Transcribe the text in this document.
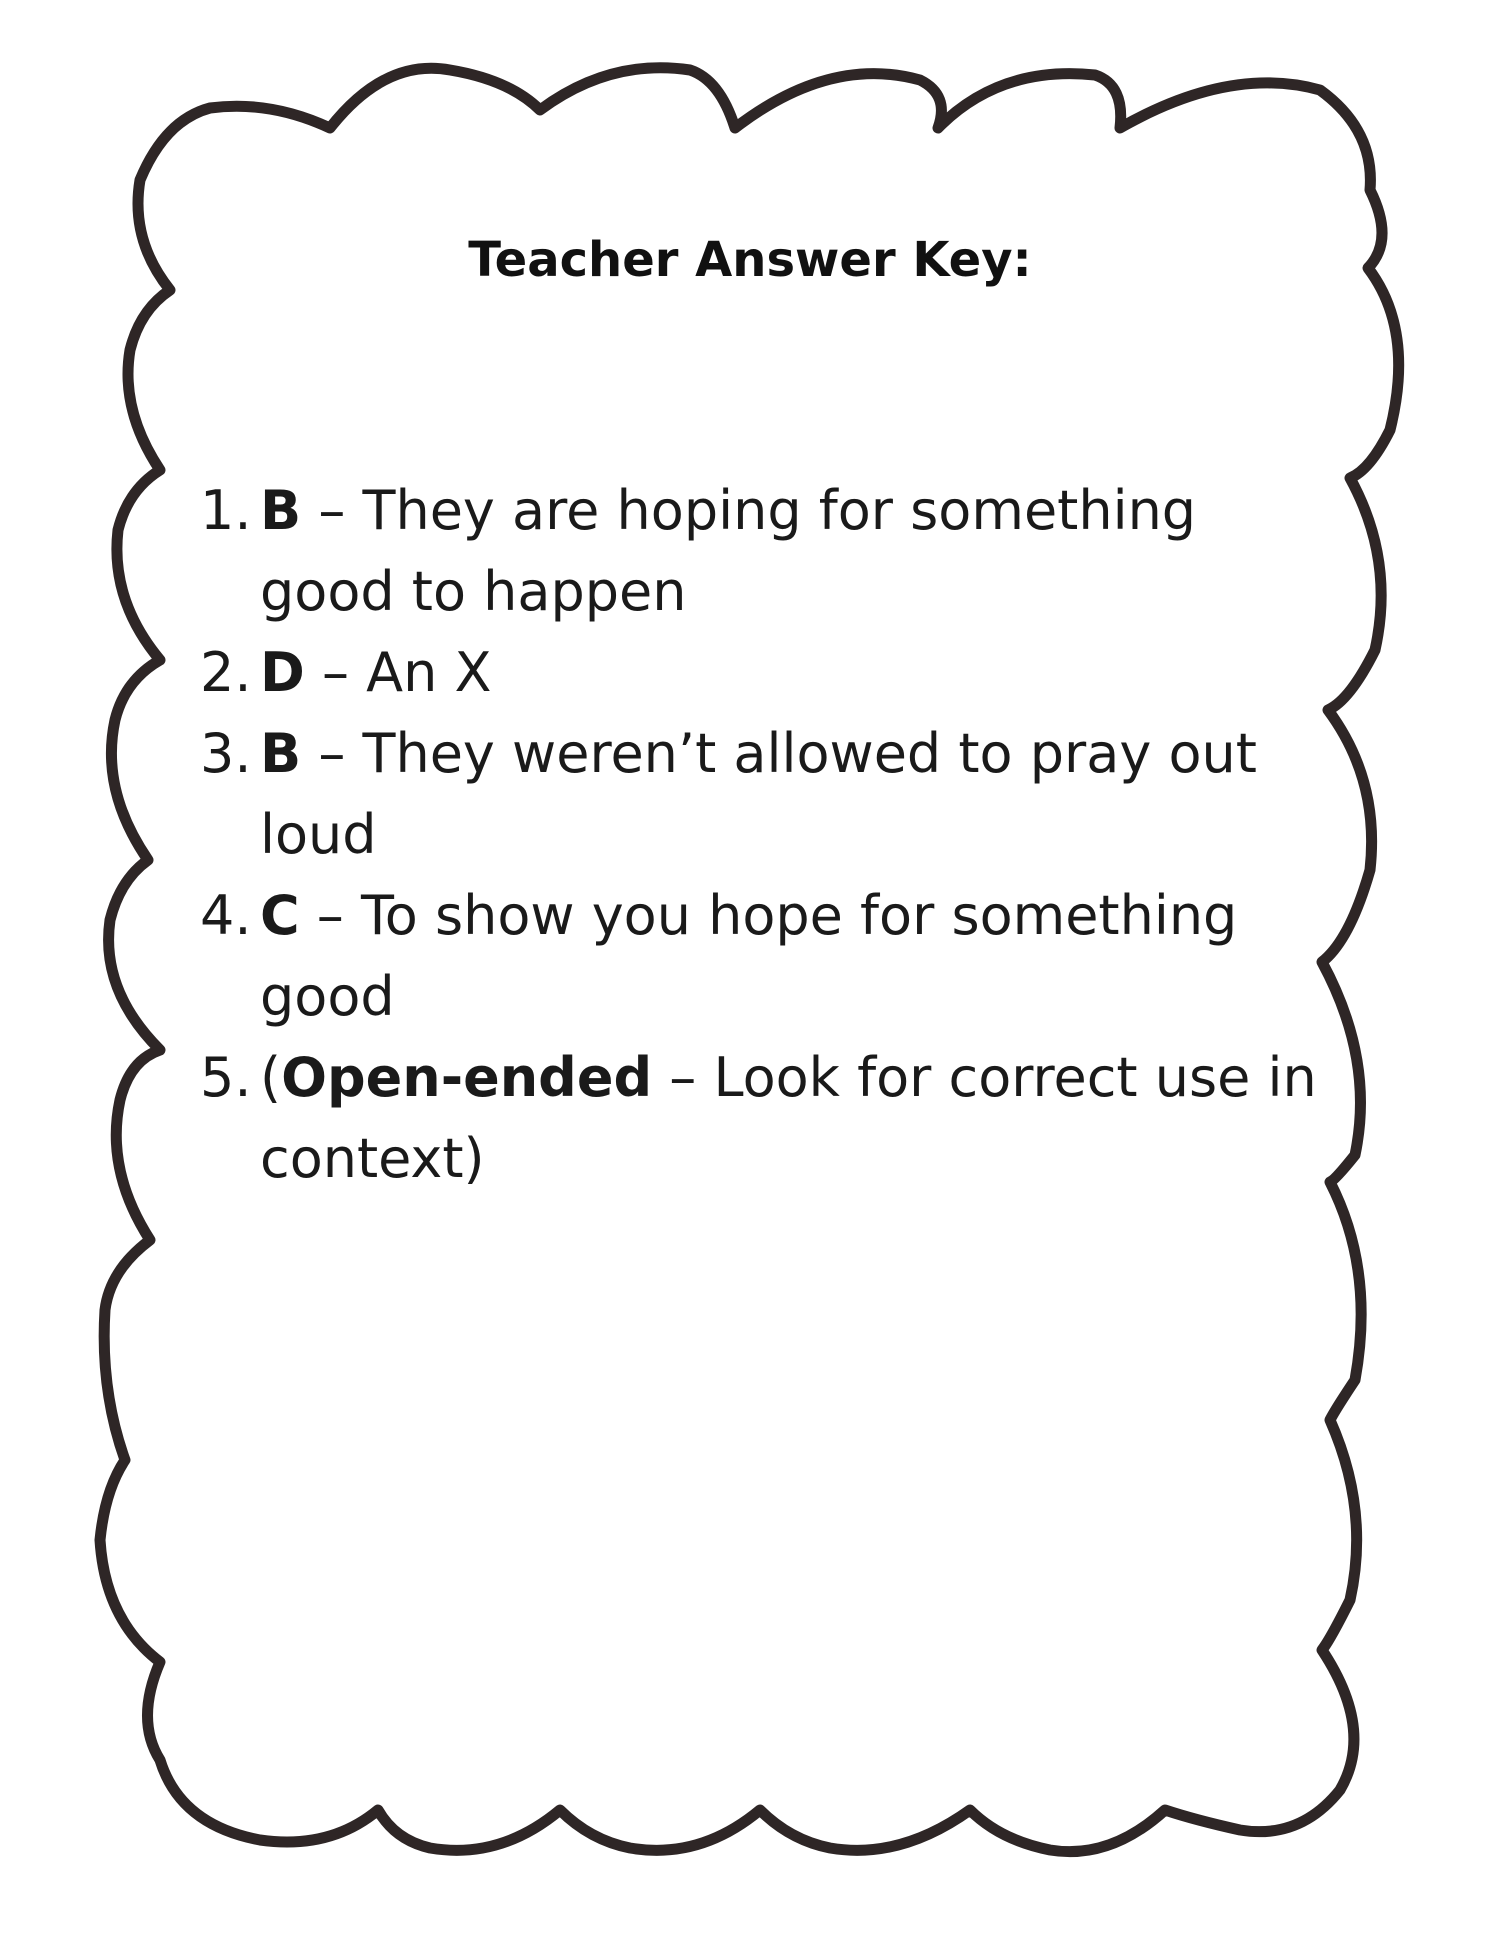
Teacher Answer Key:
1. B – They are hoping for something good to happen
2. D – An X
3. B – They weren’t allowed to pray out loud
4. C – To show you hope for something good
5. (Open-ended – Look for correct use in context)
